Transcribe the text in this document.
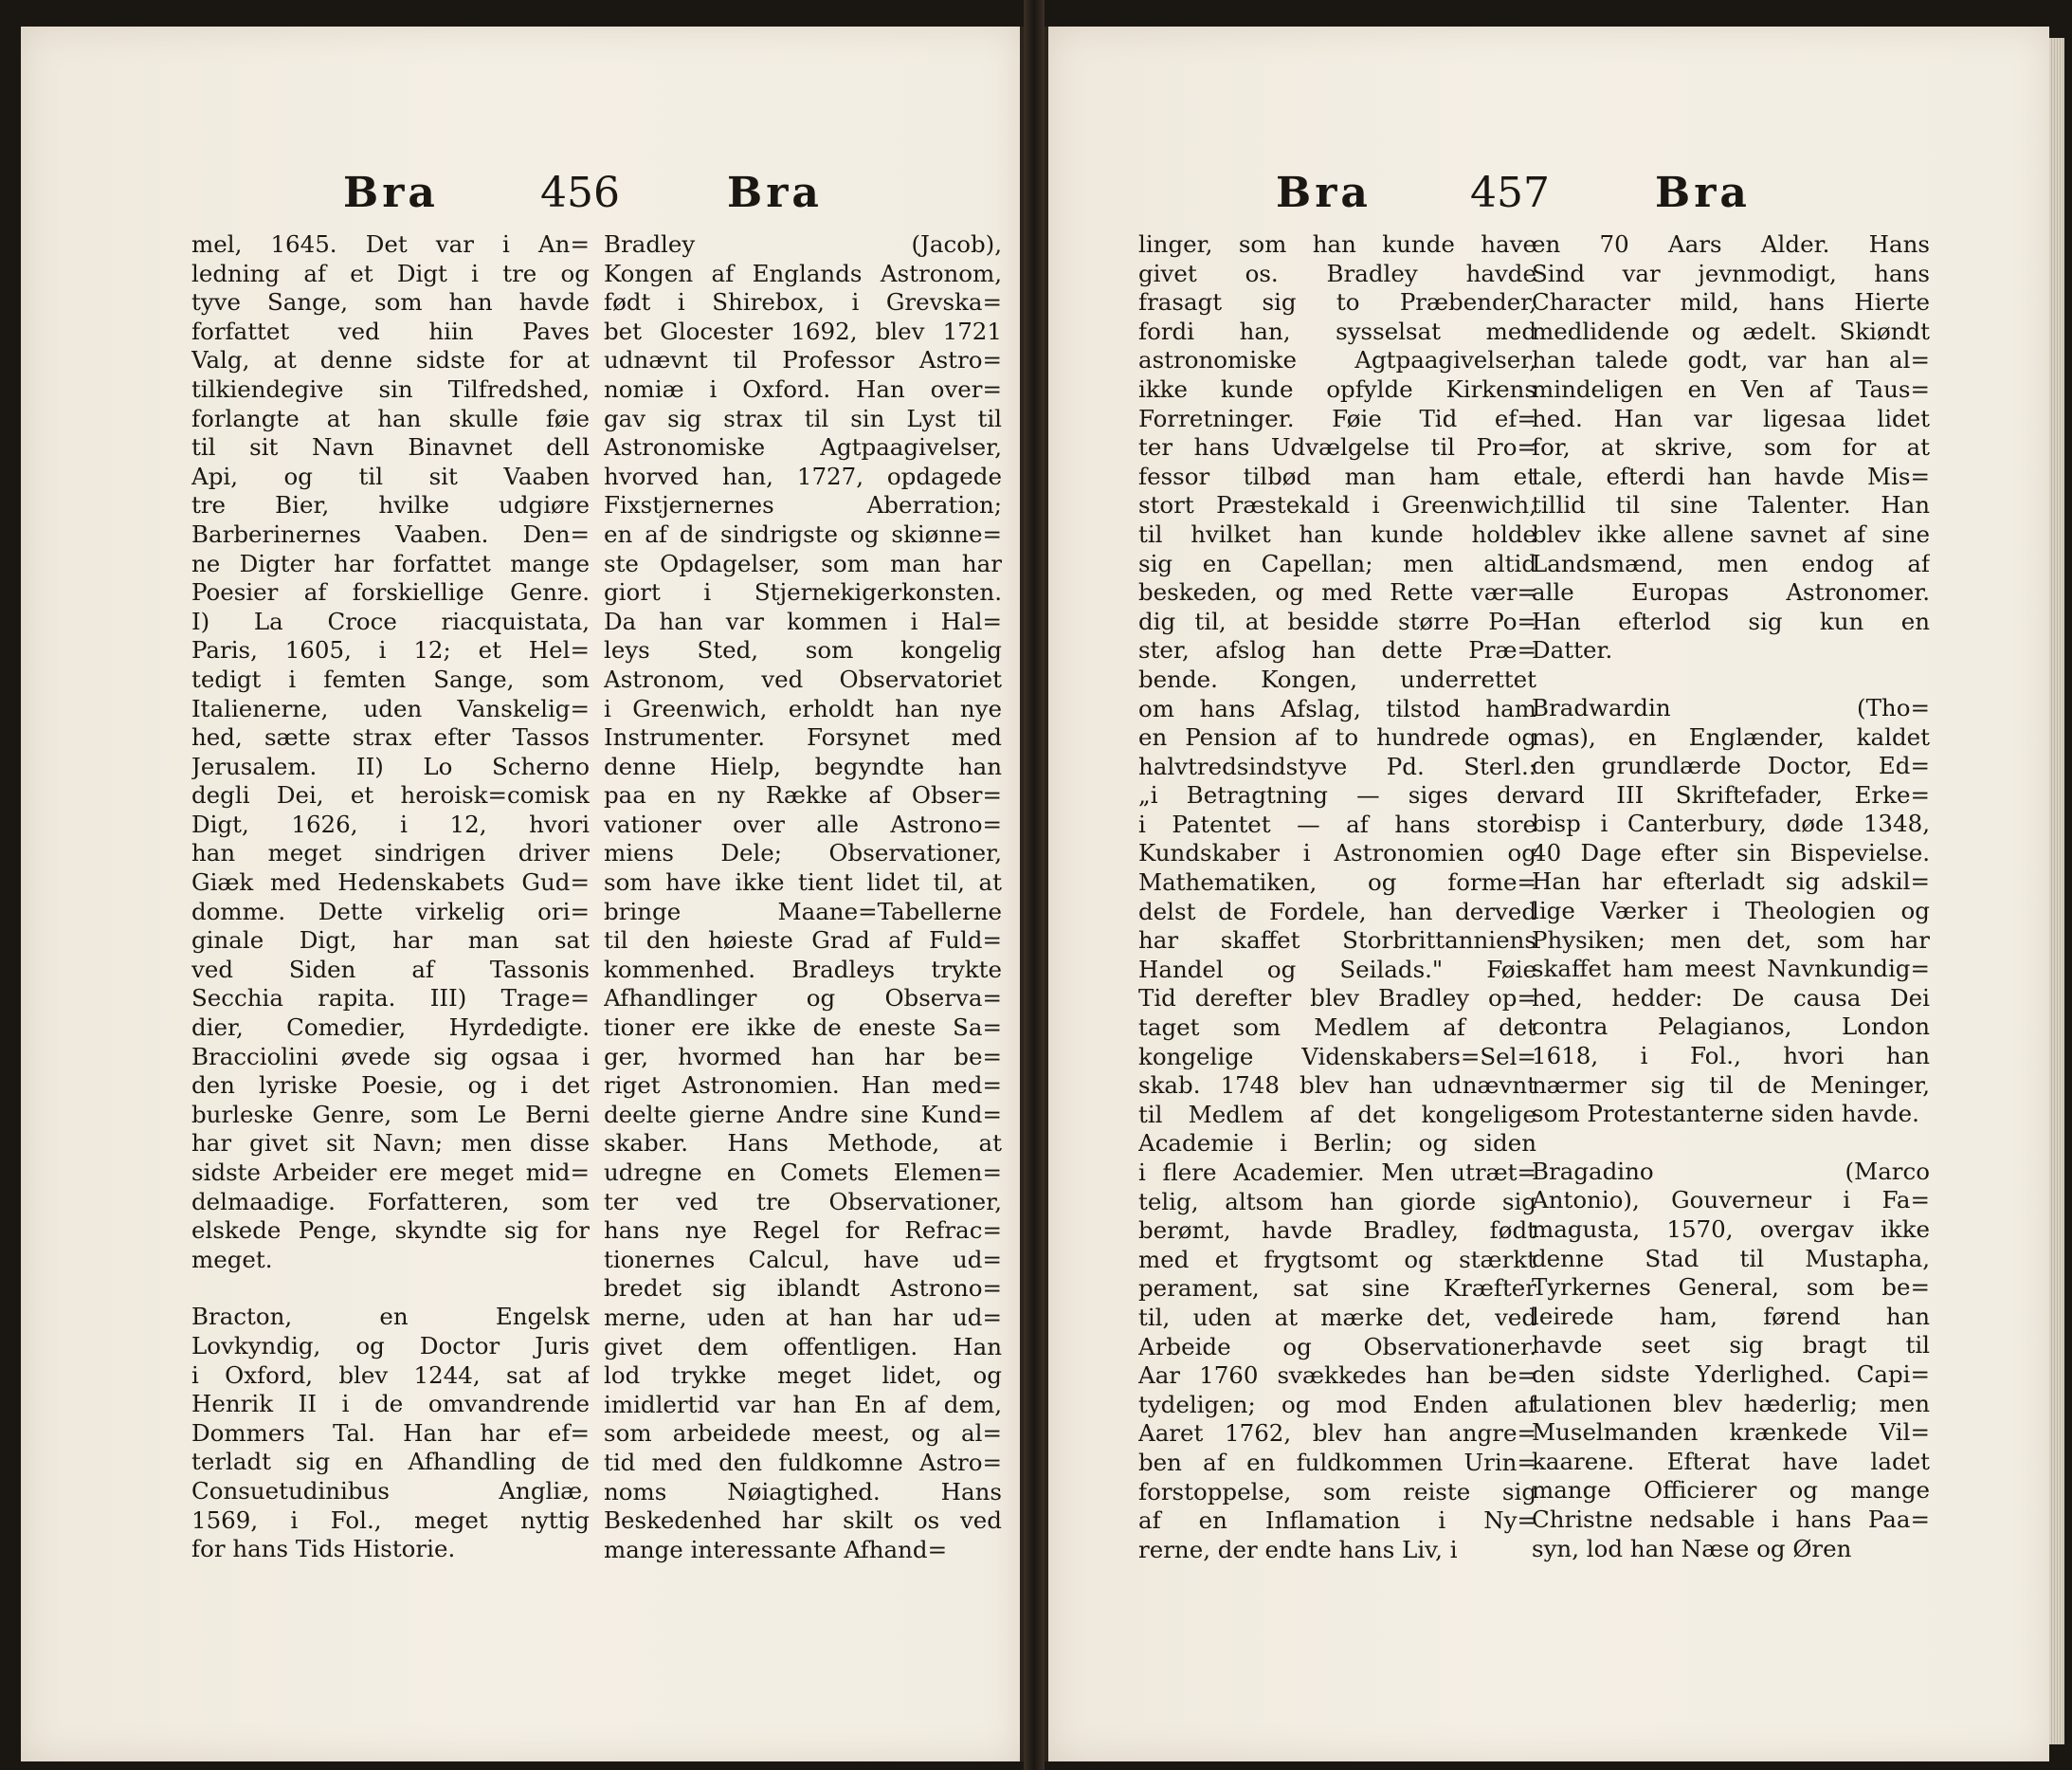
Bra 456	Bra
mel, 1645. Det var i An=
ledning af et Digt i tre og
tyve Sange, som han havde
forfattet ved hiin Paves
Valg, at denne sidste for at
tilkiendegive sin Tilfredshed,
forlangte at han skulle føie
til sit Navn Binavnet dell
Api, og til sit Vaaben
tre Bier, hvilke udgiøre
Barberinernes Vaaben. Den=
ne Digter har forfattet mange
Poesier af forskiellige Genre.
I) La Croce riacquistata,
Paris, 1605, i 12; et Hel=
tedigt i femten Sange, som
Italienerne, uden Vanskelig=
hed, sætte strax efter Tassos
Jerusalem. II) Lo Scherno
degli Dei, et heroisk=comisk
Digt, 1626, i 12, hvori
han meget sindrigen driver
Giæk med Hedenskabets Gud=
domme. Dette virkelig ori=
ginale Digt, har man sat
ved Siden af Tassonis
Secchia rapita. III) Trage=
dier, Comedier, Hyrdedigte.
Bracciolini øvede sig ogsaa i
den lyriske Poesie, og i det
burleske Genre, som Le Berni
har givet sit Navn; men disse
sidste Arbeider ere meget mid=
delmaadige. Forfatteren, som
elskede Penge, skyndte sig for
meget.
Bracton, en Engelsk
Lovkyndig, og Doctor Juris
i Oxford, blev 1244, sat af
Henrik II i de omvandrende
Dommers Tal. Han har ef=
terladt sig en Afhandling de
Consuetudinibus Angliæ,
1569, i Fol., meget nyttig
for hans Tids Historie.
Bradley (Jacob),
Kongen af Englands Astronom,
født i Shirebox, i Grevska=
bet Glocester 1692, blev 1721
udnævnt til Professor Astro=
nomiæ i Oxford. Han over=
gav sig strax til sin Lyst til
Astronomiske Agtpaagivelser,
hvorved han, 1727, opdagede
Fixstjernernes Aberration;
en af de sindrigste og skiønne=
ste Opdagelser, som man har
giort i Stjernekigerkonsten.
Da han var kommen i Hal=
leys Sted, som kongelig
Astronom, ved Observatoriet
i Greenwich, erholdt han nye
Instrumenter. Forsynet med
denne Hielp, begyndte han
paa en ny Række af Obser=
vationer over alle Astrono=
miens Dele; Observationer,
som have ikke tient lidet til, at
bringe Maane=Tabellerne
til den høieste Grad af Fuld=
kommenhed. Bradleys trykte
Afhandlinger og Observa=
tioner ere ikke de eneste Sa=
ger, hvormed han har be=
riget Astronomien. Han med=
deelte gierne Andre sine Kund=
skaber. Hans Methode, at
udregne en Comets Elemen=
ter ved tre Observationer,
hans nye Regel for Refrac=
tionernes Calcul, have ud=
bredet sig iblandt Astrono=
merne, uden at han har ud=
givet dem offentligen. Han
lod trykke meget lidet, og
imidlertid var han En af dem,
som arbeidede meest, og al=
tid med den fuldkomne Astro=
noms Nøiagtighed. Hans
Beskedenhed har skilt os ved
mange interessante Afhand=
Bra 457	Bra
linger, som han kunde have
givet os. Bradley havde
frasagt sig to Præbender,
fordi han, sysselsat med
astronomiske Agtpaagivelser,
ikke kunde opfylde Kirkens
Forretninger. Føie Tid ef=
ter hans Udvælgelse til Pro=
fessor tilbød man ham et
stort Præstekald i Greenwich,
til hvilket han kunde holde
sig en Capellan; men altid
beskeden, og med Rette vær=
dig til, at besidde større Po=
ster, afslog han dette Præ=
bende. Kongen, underrettet
om hans Afslag, tilstod ham
en Pension af to hundrede og
halvtredsindstyve Pd. Sterl.:
„i Betragtning — siges der
i Patentet — af hans store
Kundskaber i Astronomien og
Mathematiken, og forme=
delst de Fordele, han derved
har skaffet Storbrittanniens
Handel og Seilads." Føie
Tid derefter blev Bradley op=
taget som Medlem af det
kongelige Videnskabers=Sel=
skab. 1748 blev han udnævnt
til Medlem af det kongelige
Academie i Berlin; og siden
i flere Academier. Men utræt=
telig, altsom han giorde sig
berømt, havde Bradley, født
med et frygtsomt og stærkt
perament, sat sine Kræfter
til, uden at mærke det, ved
Arbeide og Observationer.
Aar 1760 svækkedes han be=
tydeligen; og mod Enden af
Aaret 1762, blev han angre=
ben af en fuldkommen Urin=
forstoppelse, som reiste sig
af en Inflamation i Ny=
rerne, der endte hans Liv, i
en 70 Aars Alder. Hans
Sind var jevnmodigt, hans
Character mild, hans Hierte
medlidende og ædelt. Skiøndt
han talede godt, var han al=
mindeligen en Ven af Taus=
hed. Han var ligesaa lidet
for, at skrive, som for at
tale, efterdi han havde Mis=
tillid til sine Talenter. Han
blev ikke allene savnet af sine
Landsmænd, men endog af
alle Europas Astronomer.
Han efterlod sig kun en
Datter.
Bradwardin (Tho=
mas), en Englænder, kaldet
den grundlærde Doctor, Ed=
vard III Skriftefader, Erke=
bisp i Canterbury, døde 1348,
40 Dage efter sin Bispevielse.
Han har efterladt sig adskil=
lige Værker i Theologien og
Physiken; men det, som har
skaffet ham meest Navnkundig=
hed, hedder: De causa Dei
contra Pelagianos, London
1618, i Fol., hvori han
nærmer sig til de Meninger,
som Protestanterne siden havde.
Bragadino (Marco
Antonio), Gouverneur i Fa=
magusta, 1570, overgav ikke
denne Stad til Mustapha,
Tyrkernes General, som be=
leirede ham, førend han
havde seet sig bragt til
den sidste Yderlighed. Capi=
tulationen blev hæderlig; men
Muselmanden krænkede Vil=
kaarene. Efterat have ladet
mange Officierer og mange
Christne nedsable i hans Paa=
syn, lod han Næse og Øren
